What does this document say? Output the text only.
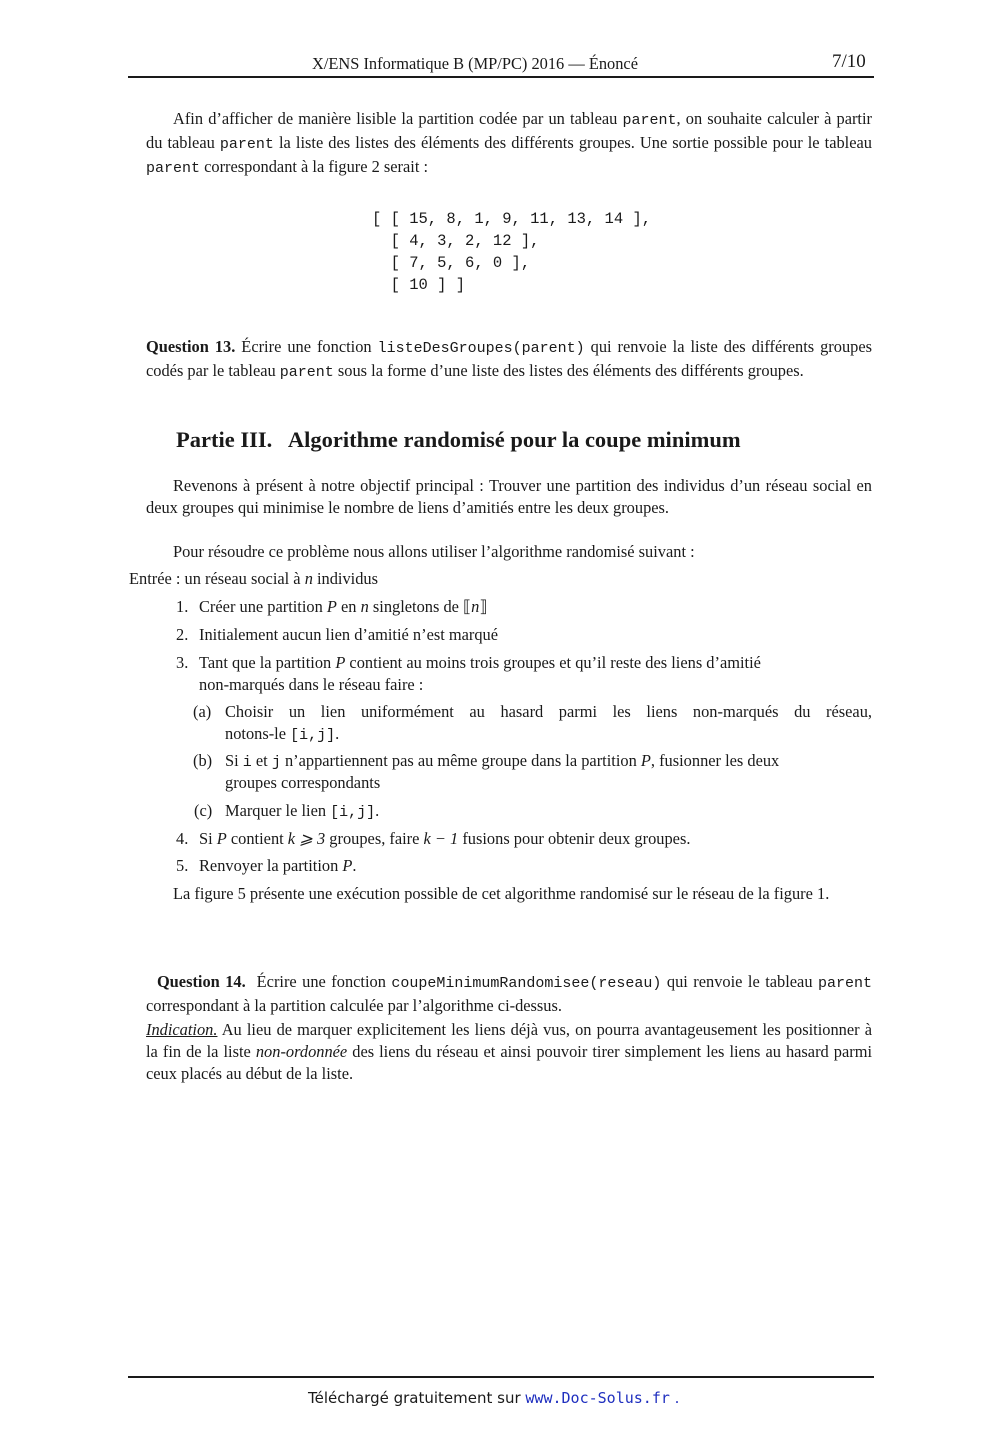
X/ENS Informatique B (MP/PC) 2016 — Énoncé	7/10
Afin d’afficher de manière lisible la partition codée par un tableau parent, on souhaite calculer à partir du tableau parent la liste des listes des éléments des différents groupes. Une sortie possible pour le tableau parent correspondant à la figure 2 serait :
[ [ 15, 8, 1, 9, 11, 13, 14 ],
[ 4, 3, 2, 12 ],
[ 7, 5, 6, 0 ],
[ 10 ] ]
Question 13. Écrire une fonction listeDesGroupes(parent) qui renvoie la liste des différents groupes codés par le tableau parent sous la forme d’une liste des listes des éléments des différents groupes.
Partie III.   Algorithme randomisé pour la coupe minimum
Revenons à présent à notre objectif principal : Trouver une partition des individus d’un réseau social en deux groupes qui minimise le nombre de liens d’amitiés entre les deux groupes.
Pour résoudre ce problème nous allons utiliser l’algorithme randomisé suivant :
Entrée : un réseau social à n individus
1. Créer une partition P en n singletons de ⟦n⟧
2. Initialement aucun lien d’amitié n’est marqué
3. Tant que la partition P contient au moins trois groupes et qu’il reste des liens d’amitié
non-marqués dans le réseau faire :
(a) Choisir un lien uniformément au hasard parmi les liens non-marqués du réseau,
notons-le [i,j].
(b) Si i et j n’appartiennent pas au même groupe dans la partition P, fusionner les deux
groupes correspondants
(c) Marquer le lien [i,j].
4. Si P contient k ⩾ 3 groupes, faire k − 1 fusions pour obtenir deux groupes.
5. Renvoyer la partition P.
La figure 5 présente une exécution possible de cet algorithme randomisé sur le réseau de la figure 1.

Question 14.  Écrire une fonction coupeMinimumRandomisee(reseau) qui renvoie le tableau parent correspondant à la partition calculée par l’algorithme ci-dessus.

Indication. Au lieu de marquer explicitement les liens déjà vus, on pourra avantageusement les positionner à la fin de la liste non-ordonnée des liens du réseau et ainsi pouvoir tirer simplement les liens au hasard parmi ceux placés au début de la liste.
Téléchargé gratuitement sur www.Doc-Solus.fr .
